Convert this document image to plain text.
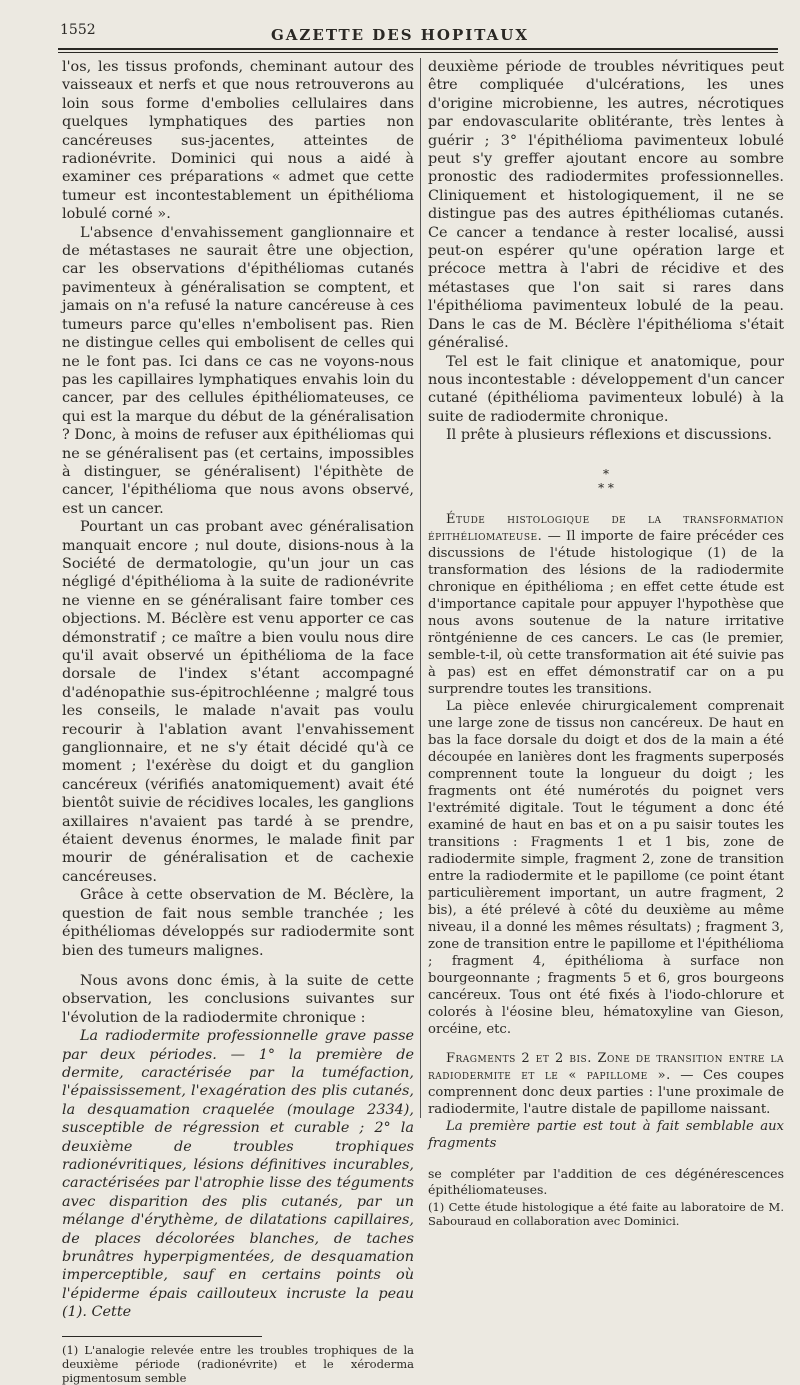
1552	GAZETTE DES HOPITAUX

l'os, les tissus profonds, cheminant autour des vaisseaux et nerfs et que nous retrouverons au loin sous forme d'embolies cellulaires dans quelques lymphatiques des parties non cancéreuses sus-jacentes, atteintes de radionévrite. Dominici qui nous a aidé à examiner ces préparations « admet que cette tumeur est incontestablement un épithélioma lobulé corné ».

L'absence d'envahissement ganglionnaire et de métastases ne saurait être une objection, car les observations d'épithéliomas cutanés pavimenteux à généralisation se comptent, et jamais on n'a refusé la nature cancéreuse à ces tumeurs parce qu'elles n'embolisent pas. Rien ne distingue celles qui embolisent de celles qui ne le font pas. Ici dans ce cas ne voyons-nous pas les capillaires lymphatiques envahis loin du cancer, par des cellules épithéliomateuses, ce qui est la marque du début de la généralisation ? Donc, à moins de refuser aux épithéliomas qui ne se généralisent pas (et certains, impossibles à distinguer, se généralisent) l'épithète de cancer, l'épithélioma que nous avons observé, est un cancer.

Pourtant un cas probant avec généralisation manquait encore ; nul doute, disions-nous à la Société de dermatologie, qu'un jour un cas négligé d'épithélioma à la suite de radionévrite ne vienne en se généralisant faire tomber ces objections. M. Béclère est venu apporter ce cas démonstratif ; ce maître a bien voulu nous dire qu'il avait observé un épithélioma de la face dorsale de l'index s'étant accompagné d'adénopathie sus-épitrochléenne ; malgré tous les conseils, le malade n'avait pas voulu recourir à l'ablation avant l'envahissement ganglionnaire, et ne s'y était décidé qu'à ce moment ; l'exérèse du doigt et du ganglion cancéreux (vérifiés anatomiquement) avait été bientôt suivie de récidives locales, les ganglions axillaires n'avaient pas tardé à se prendre, étaient devenus énormes, le malade finit par mourir de généralisation et de cachexie cancéreuses.

Grâce à cette observation de M. Béclère, la question de fait nous semble tranchée ; les épithéliomas développés sur radiodermite sont bien des tumeurs malignes.

Nous avons donc émis, à la suite de cette observation, les conclusions suivantes sur l'évolution de la radiodermite chronique :

La radiodermite professionnelle grave passe par deux périodes. — 1° la première de dermite, caractérisée par la tuméfaction, l'épaississement, l'exagération des plis cutanés, la desquamation craquelée (moulage 2334), susceptible de régression et curable ; 2° la deuxième de troubles trophiques radionévritiques, lésions définitives incurables, caractérisées par l'atrophie lisse des téguments avec disparition des plis cutanés, par un mélange d'érythème, de dilatations capillaires, de places décolorées blanches, de taches brunâtres hyperpigmentées, de desquamation imperceptible, sauf en certains points où l'épiderme épais caillouteux incruste la peau (1). Cette

(1) L'analogie relevée entre les troubles trophiques de la deuxième période (radionévrite) et le xéroderma pigmentosum semble

deuxième période de troubles névritiques peut être compliquée d'ulcérations, les unes d'origine microbienne, les autres, nécrotiques par endovascularite oblitérante, très lentes à guérir ; 3° l'épithélioma pavimenteux lobulé peut s'y greffer ajoutant encore au sombre pronostic des radiodermites professionnelles. Cliniquement et histologiquement, il ne se distingue pas des autres épithéliomas cutanés. Ce cancer a tendance à rester localisé, aussi peut-on espérer qu'une opération large et précoce mettra à l'abri de récidive et des métastases que l'on sait si rares dans l'épithélioma pavimenteux lobulé de la peau. Dans le cas de M. Béclère l'épithélioma s'était généralisé.

Tel est le fait clinique et anatomique, pour nous incontestable : développement d'un cancer cutané (épithélioma pavimenteux lobulé) à la suite de radiodermite chronique.

Il prête à plusieurs réflexions et discussions.

*
* *

Étude histologique de la transformation épithéliomateuse. — Il importe de faire précéder ces discussions de l'étude histologique (1) de la transformation des lésions de la radiodermite chronique en épithélioma ; en effet cette étude est d'importance capitale pour appuyer l'hypothèse que nous avons soutenue de la nature irritative röntgénienne de ces cancers. Le cas (le premier, semble-t-il, où cette transformation ait été suivie pas à pas) est en effet démonstratif car on a pu surprendre toutes les transitions.

La pièce enlevée chirurgicalement comprenait une large zone de tissus non cancéreux. De haut en bas la face dorsale du doigt et dos de la main a été découpée en lanières dont les fragments superposés comprennent toute la longueur du doigt ; les fragments ont été numérotés du poignet vers l'extrémité digitale. Tout le tégument a donc été examiné de haut en bas et on a pu saisir toutes les transitions : Fragments 1 et 1 bis, zone de radiodermite simple, fragment 2, zone de transition entre la radiodermite et le papillome (ce point étant particulièrement important, un autre fragment, 2 bis), a été prélevé à côté du deuxième au même niveau, il a donné les mêmes résultats) ; fragment 3, zone de transition entre le papillome et l'épithélioma ; fragment 4, épithélioma à surface non bourgeonnante ; fragments 5 et 6, gros bourgeons cancéreux. Tous ont été fixés à l'iodo-chlorure et colorés à l'éosine bleu, hématoxyline van Gieson, orcéine, etc.

Fragments 2 et 2 bis. Zone de transition entre la radiodermite et le « papillome ». — Ces coupes comprennent donc deux parties : l'une proximale de radiodermite, l'autre distale de papillome naissant.

La première partie est tout à fait semblable aux fragments

se compléter par l'addition de ces dégénérescences épithéliomateuses.
(1) Cette étude histologique a été faite au laboratoire de M. Sabouraud en collaboration avec Dominici.
